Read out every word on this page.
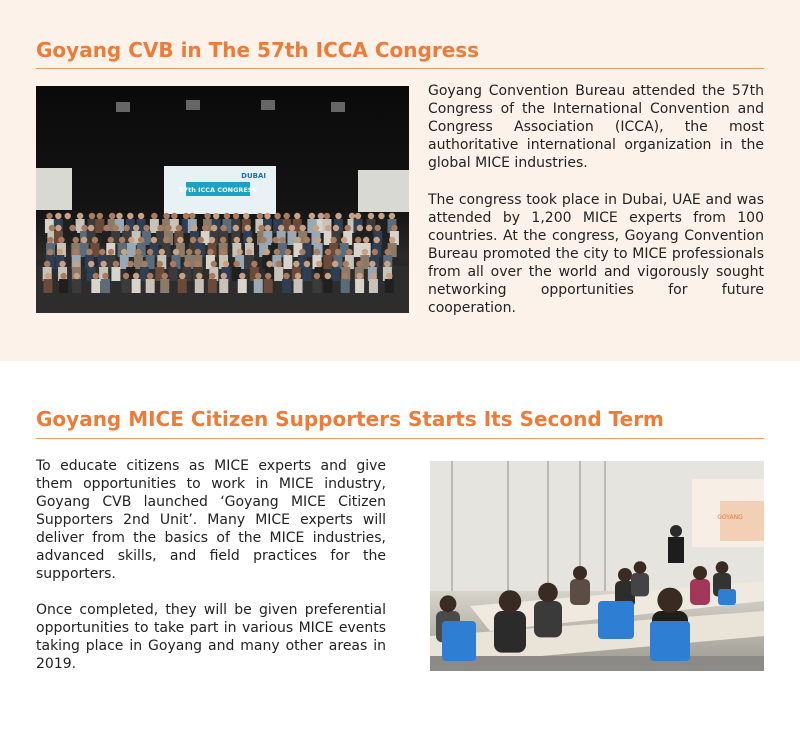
Goyang CVB in The 57th ICCA Congress
57th ICCA CONGRESS
DUBAI
Goyang Convention Bureau attended the 57th Congress of the International Convention and Congress Association (ICCA), the most authoritative international organization in the global MICE industries.
The congress took place in Dubai, UAE and was attended by 1,200 MICE experts from 100 countries. At the congress, Goyang Convention Bureau promoted the city to MICE professionals from all over the world and vigorously sought networking opportunities for future cooperation.
Goyang MICE Citizen Supporters Starts Its Second Term
To educate citizens as MICE experts and give them opportunities to work in MICE industry, Goyang CVB launched ‘Goyang MICE Citizen Supporters 2nd Unit’. Many MICE experts will deliver from the basics of the MICE industries, advanced skills, and field practices for the supporters.
Once completed, they will be given preferential opportunities to take part in various MICE events taking place in Goyang and many other areas in 2019.
GOYANG
